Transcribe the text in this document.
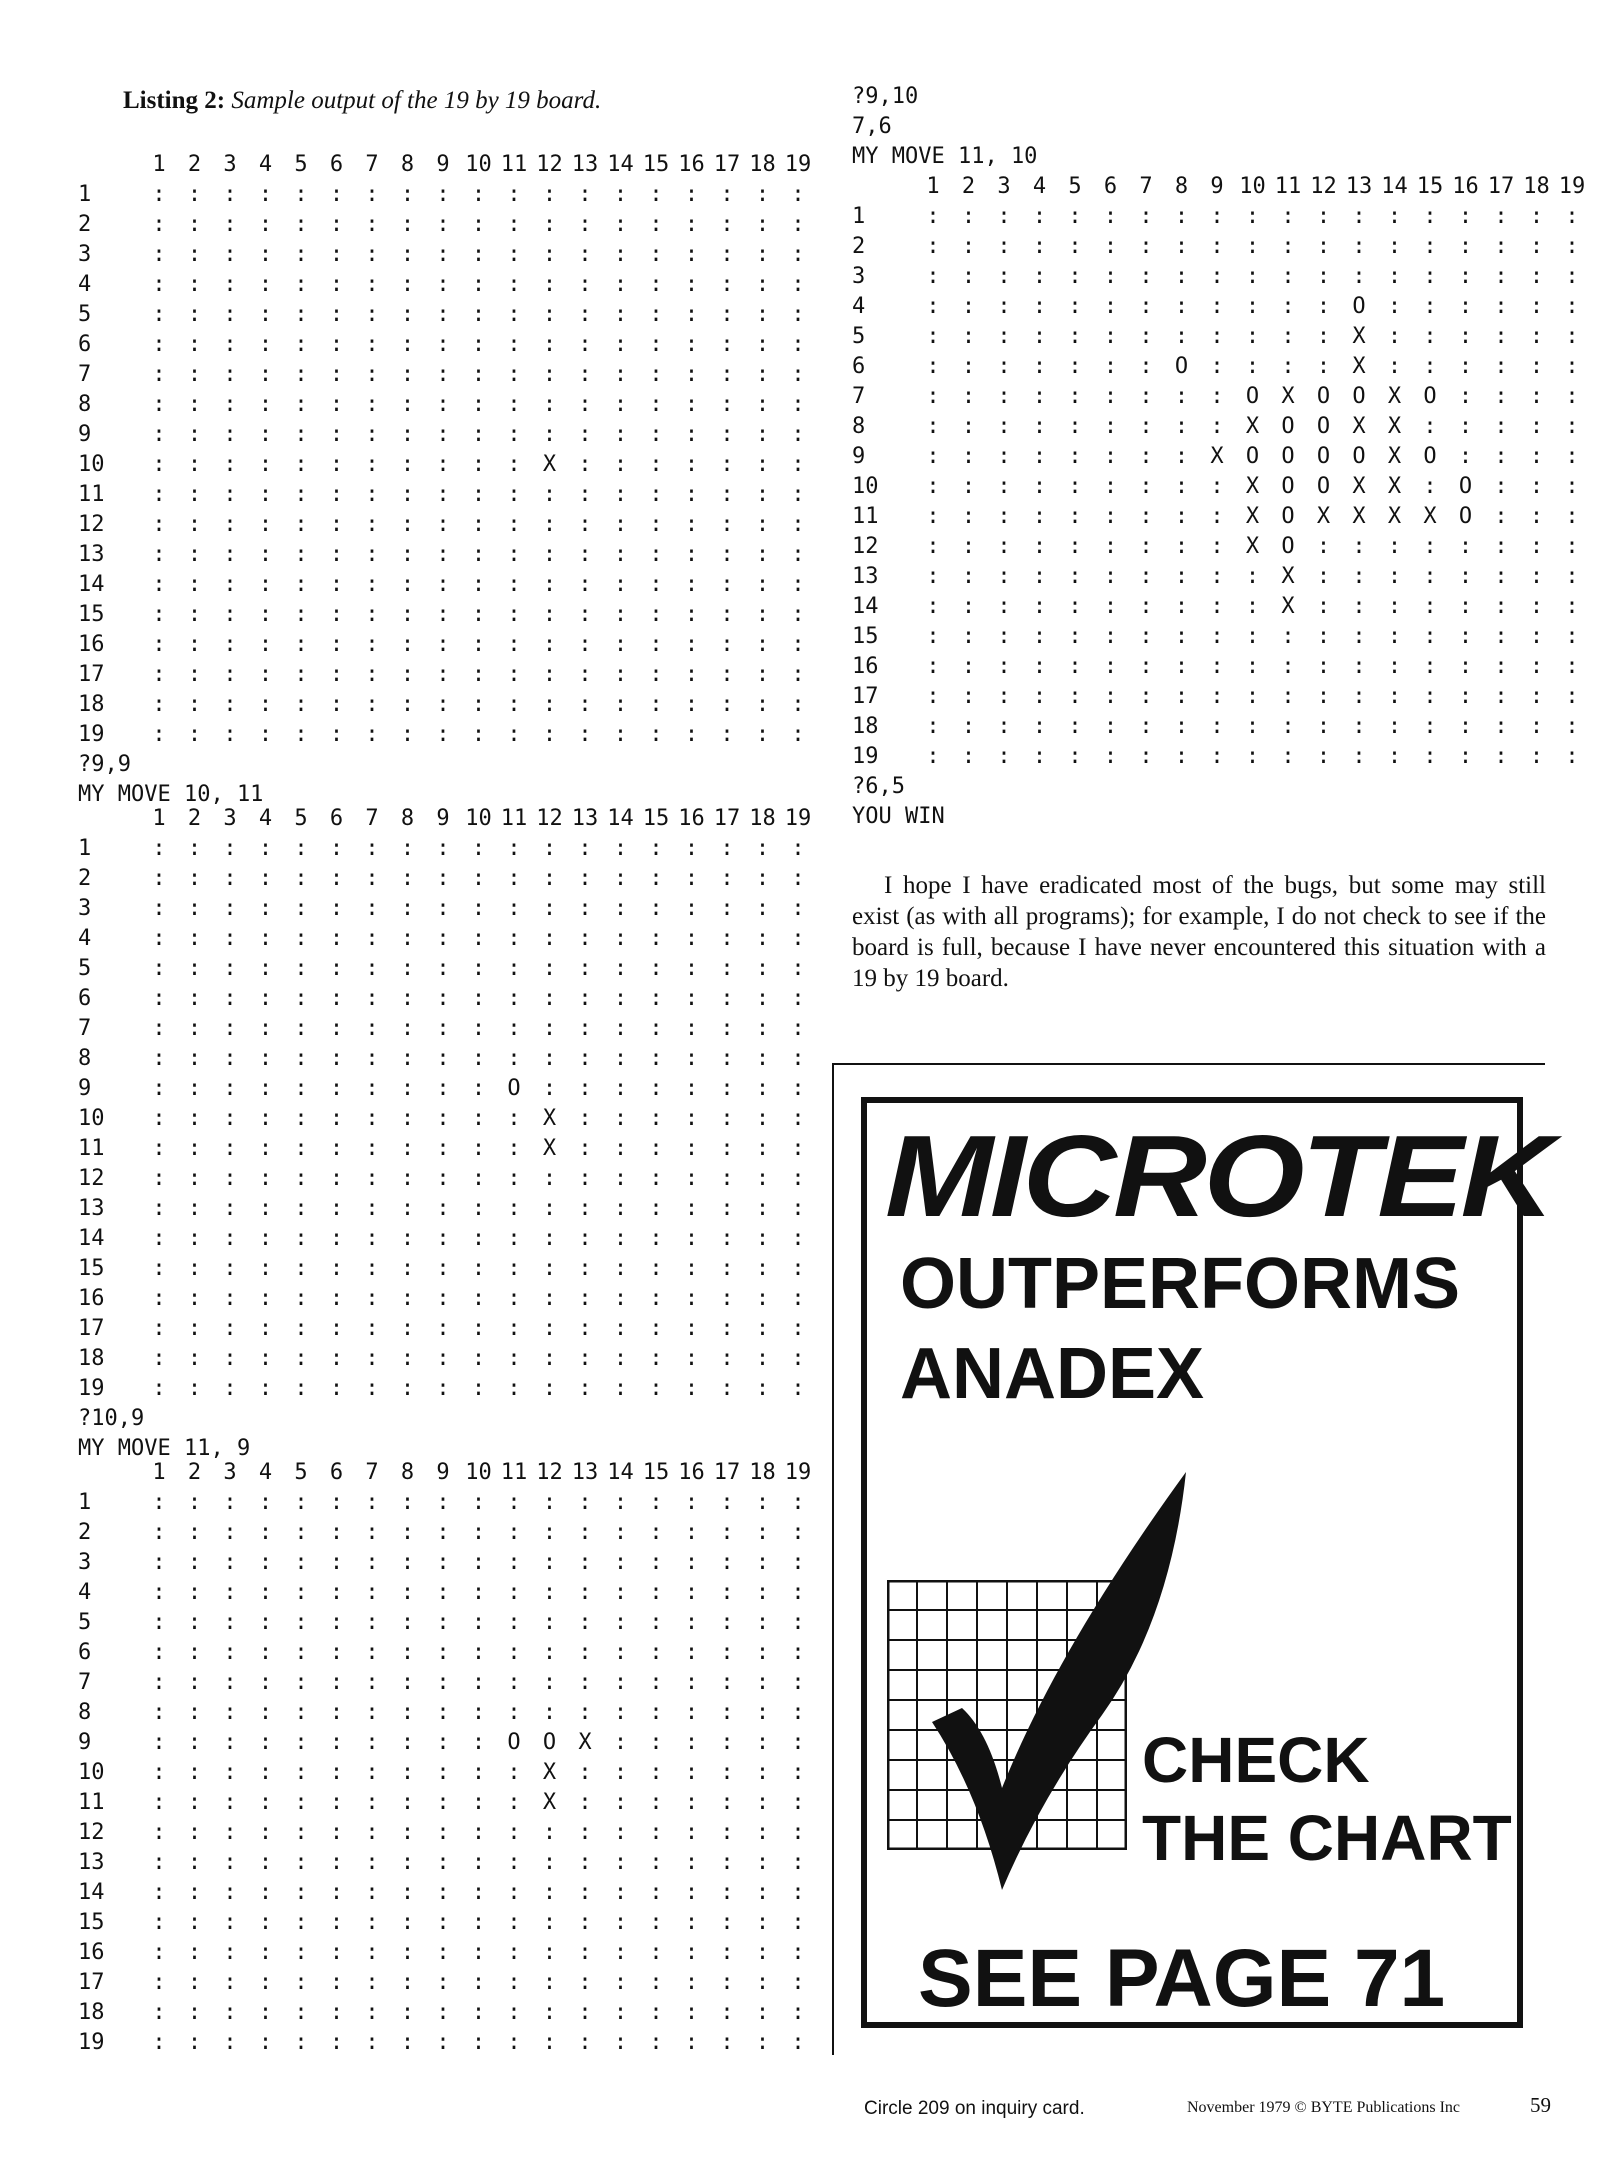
Listing 2: Sample output of the 19 by 19 board.
1	2	3	4	5	6	7	8	9 10 11 12 13 14 15 16 17 18 19
1	:	:	:	:	:	:	:	:	:	:	:	:	:	:	:	:	:	:	:
2	:	:	:	:	:	:	:	:	:	:	:	:	:	:	:	:	:	:	:
3	:	:	:	:	:	:	:	:	:	:	:	:	:	:	:	:	:	:	:
4	:	:	:	:	:	:	:	:	:	:	:	:	:	:	:	:	:	:	:
5	:	:	:	:	:	:	:	:	:	:	:	:	:	:	:	:	:	:	:
6	:	:	:	:	:	:	:	:	:	:	:	:	:	:	:	:	:	:	:
7	:	:	:	:	:	:	:	:	:	:	:	:	:	:	:	:	:	:	:
8	:	:	:	:	:	:	:	:	:	:	:	:	:	:	:	:	:	:	:
9	:	:	:	:	:	:	:	:	:	:	:	:	:	:	:	:	:	:	:
10	:	:	:	:	:	:	:	:	:	:	:	X	:	:	:	:	:	:	:
11	:	:	:	:	:	:	:	:	:	:	:	:	:	:	:	:	:	:	:
12	:	:	:	:	:	:	:	:	:	:	:	:	:	:	:	:	:	:	:
13	:	:	:	:	:	:	:	:	:	:	:	:	:	:	:	:	:	:	:
14	:	:	:	:	:	:	:	:	:	:	:	:	:	:	:	:	:	:	:
15	:	:	:	:	:	:	:	:	:	:	:	:	:	:	:	:	:	:	:
16	:	:	:	:	:	:	:	:	:	:	:	:	:	:	:	:	:	:	:
17	:	:	:	:	:	:	:	:	:	:	:	:	:	:	:	:	:	:	:
18	:	:	:	:	:	:	:	:	:	:	:	:	:	:	:	:	:	:	:
19	:	:	:	:	:	:	:	:	:	:	:	:	:	:	:	:	:	:	:
?9,9
MY MOVE 10, 11
1	2	3	4	5	6	7	8	9 10 11 12 13 14 15 16 17 18 19
1	:	:	:	:	:	:	:	:	:	:	:	:	:	:	:	:	:	:	:
2	:	:	:	:	:	:	:	:	:	:	:	:	:	:	:	:	:	:	:
3	:	:	:	:	:	:	:	:	:	:	:	:	:	:	:	:	:	:	:
4	:	:	:	:	:	:	:	:	:	:	:	:	:	:	:	:	:	:	:
5	:	:	:	:	:	:	:	:	:	:	:	:	:	:	:	:	:	:	:
6	:	:	:	:	:	:	:	:	:	:	:	:	:	:	:	:	:	:	:
7	:	:	:	:	:	:	:	:	:	:	:	:	:	:	:	:	:	:	:
8	:	:	:	:	:	:	:	:	:	:	:	:	:	:	:	:	:	:	:
9	:	:	:	:	:	:	:	:	:	:	O	:	:	:	:	:	:	:	:
10	:	:	:	:	:	:	:	:	:	:	:	X	:	:	:	:	:	:	:
11	:	:	:	:	:	:	:	:	:	:	:	X	:	:	:	:	:	:	:
12	:	:	:	:	:	:	:	:	:	:	:	:	:	:	:	:	:	:	:
13	:	:	:	:	:	:	:	:	:	:	:	:	:	:	:	:	:	:	:
14	:	:	:	:	:	:	:	:	:	:	:	:	:	:	:	:	:	:	:
15	:	:	:	:	:	:	:	:	:	:	:	:	:	:	:	:	:	:	:
16	:	:	:	:	:	:	:	:	:	:	:	:	:	:	:	:	:	:	:
17	:	:	:	:	:	:	:	:	:	:	:	:	:	:	:	:	:	:	:
18	:	:	:	:	:	:	:	:	:	:	:	:	:	:	:	:	:	:	:
19	:	:	:	:	:	:	:	:	:	:	:	:	:	:	:	:	:	:	:
?10,9
MY MOVE 11, 9
1	2	3	4	5	6	7	8	9 10 11 12 13 14 15 16 17 18 19
1	:	:	:	:	:	:	:	:	:	:	:	:	:	:	:	:	:	:	:
2	:	:	:	:	:	:	:	:	:	:	:	:	:	:	:	:	:	:	:
3	:	:	:	:	:	:	:	:	:	:	:	:	:	:	:	:	:	:	:
4	:	:	:	:	:	:	:	:	:	:	:	:	:	:	:	:	:	:	:
5	:	:	:	:	:	:	:	:	:	:	:	:	:	:	:	:	:	:	:
6	:	:	:	:	:	:	:	:	:	:	:	:	:	:	:	:	:	:	:
7	:	:	:	:	:	:	:	:	:	:	:	:	:	:	:	:	:	:	:
8	:	:	:	:	:	:	:	:	:	:	:	:	:	:	:	:	:	:	:
9	:	:	:	:	:	:	:	:	:	:	O	O	X	:	:	:	:	:	:
10	:	:	:	:	:	:	:	:	:	:	:	X	:	:	:	:	:	:	:
11	:	:	:	:	:	:	:	:	:	:	:	X	:	:	:	:	:	:	:
12	:	:	:	:	:	:	:	:	:	:	:	:	:	:	:	:	:	:	:
13	:	:	:	:	:	:	:	:	:	:	:	:	:	:	:	:	:	:	:
14	:	:	:	:	:	:	:	:	:	:	:	:	:	:	:	:	:	:	:
15	:	:	:	:	:	:	:	:	:	:	:	:	:	:	:	:	:	:	:
16	:	:	:	:	:	:	:	:	:	:	:	:	:	:	:	:	:	:	:
17	:	:	:	:	:	:	:	:	:	:	:	:	:	:	:	:	:	:	:
18	:	:	:	:	:	:	:	:	:	:	:	:	:	:	:	:	:	:	:
19	:	:	:	:	:	:	:	:	:	:	:	:	:	:	:	:	:	:	:
?9,10
7,6
MY MOVE 11, 10
1	2	3	4	5	6	7	8	9 10 11 12 13 14 15 16 17 18 19
1	:	:	:	:	:	:	:	:	:	:	:	:	:	:	:	:	:	:	:
2	:	:	:	:	:	:	:	:	:	:	:	:	:	:	:	:	:	:	:
3	:	:	:	:	:	:	:	:	:	:	:	:	:	:	:	:	:	:	:
4	:	:	:	:	:	:	:	:	:	:	:	:	O	:	:	:	:	:	:
5	:	:	:	:	:	:	:	:	:	:	:	:	X	:	:	:	:	:	:
6	:	:	:	:	:	:	:	O	:	:	:	:	X	:	:	:	:	:	:
7	:	:	:	:	:	:	:	:	:	O	X	O	O	X	O	:	:	:	:
8	:	:	:	:	:	:	:	:	:	X	O	O	X	X	:	:	:	:	:
9	:	:	:	:	:	:	:	:	X	O	O	O	O	X	O	:	:	:	:
10	:	:	:	:	:	:	:	:	:	X	O	O	X	X	:	O	:	:	:
11	:	:	:	:	:	:	:	:	:	X	O	X	X	X	X	O	:	:	:
12	:	:	:	:	:	:	:	:	:	X	O	:	:	:	:	:	:	:	:
13	:	:	:	:	:	:	:	:	:	:	X	:	:	:	:	:	:	:	:
14	:	:	:	:	:	:	:	:	:	:	X	:	:	:	:	:	:	:	:
15	:	:	:	:	:	:	:	:	:	:	:	:	:	:	:	:	:	:	:
16	:	:	:	:	:	:	:	:	:	:	:	:	:	:	:	:	:	:	:
17	:	:	:	:	:	:	:	:	:	:	:	:	:	:	:	:	:	:	:
18	:	:	:	:	:	:	:	:	:	:	:	:	:	:	:	:	:	:	:
19	:	:	:	:	:	:	:	:	:	:	:	:	:	:	:	:	:	:	:
?6,5
YOU WIN
I hope I have eradicated most of the bugs, but some may still exist (as with all programs); for example, I do not check to see if the board is full, because I have never encountered this situation with a 19 by 19 board.
MICROTEK
OUTPERFORMS
ANADEX
CHECK
THE CHART
SEE PAGE 71
Circle 209 on inquiry card.	November 1979 © BYTE Publications Inc	59
